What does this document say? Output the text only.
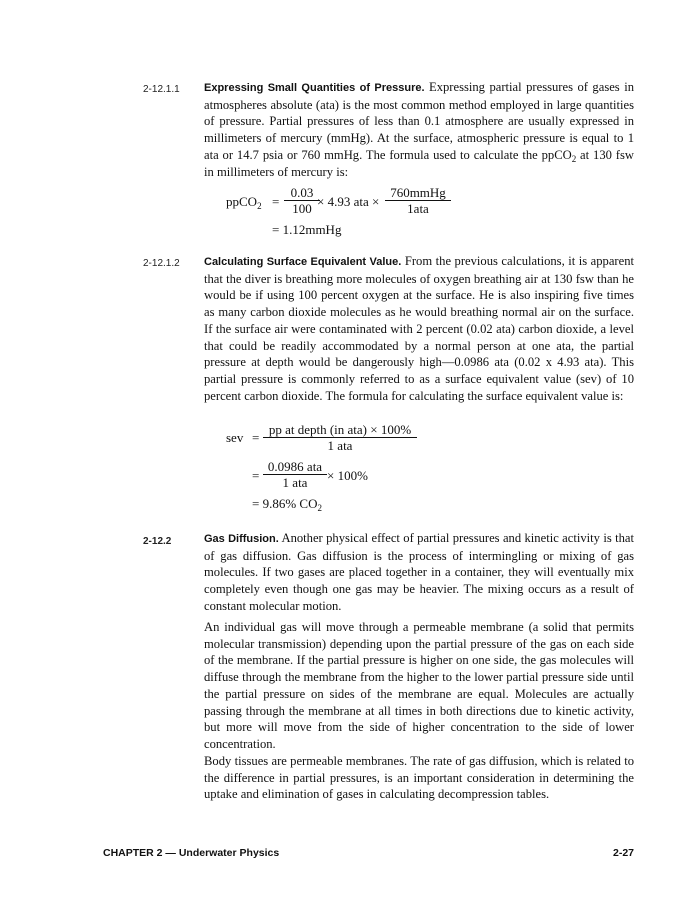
2-12.1.1 Expressing Small Quantities of Pressure. Expressing partial pressures of gases in atmospheres absolute (ata) is the most common method employed in large quantities of pressure. Partial pressures of less than 0.1 atmosphere are usually expressed in millimeters of mercury (mmHg). At the surface, atmospheric pressure is equal to 1 ata or 14.7 psia or 760 mmHg. The formula used to calculate the ppCO$_2$ at 130 fsw in millimeters of mercury is:

ppCO$_2$ = $\frac{0.03}{100}$
× 4.93 ata ×
760mmHg
1ata
= 1.12mmHg
2-12.1.2 Calculating Surface Equivalent Value. From the previous calculations, it is apparent that the diver is breathing more molecules of oxygen breathing air at 130 fsw than he would be if using 100 percent oxygen at the surface. He is also inspiring five times as many carbon dioxide molecules as he would breathing normal air on the surface. If the surface air were contaminated with 2 percent (0.02 ata) carbon dioxide, a level that could be readily accommodated by a normal person at one ata, the partial pressure at depth would be dangerously high—0.0986 ata (0.02 x 4.93 ata). This partial pressure is commonly referred to as a surface equivalent value (sev) of 10 percent carbon dioxide. The formula for calculating the surface equivalent value is:

sev =
pp at depth (in ata) × 100%
1 ata
=
0.0986 ata
1 ata	× 100%
= 9.86% $CO_2$
2-12.2	Gas Diffusion. Another physical effect of partial pressures and kinetic activity is that of gas diffusion. Gas diffusion is the process of intermingling or mixing of gas molecules. If two gases are placed together in a container, they will eventually mix completely even though one gas may be heavier. The mixing occurs as a result of constant molecular motion.

An individual gas will move through a permeable membrane (a solid that permits molecular transmission) depending upon the partial pressure of the gas on each side of the membrane. If the partial pressure is higher on one side, the gas molecules will diffuse through the membrane from the higher to the lower partial pressure side until the partial pressure on sides of the membrane are equal. Molecules are actually passing through the membrane at all times in both directions due to kinetic activity, but more will move from the side of higher concentration to the side of lower concentration.

Body tissues are permeable membranes. The rate of gas diffusion, which is related to the difference in partial pressures, is an important consideration in determining the uptake and elimination of gases in calculating decompression tables.

CHAPTER 2 — Underwater Physics	2-27
